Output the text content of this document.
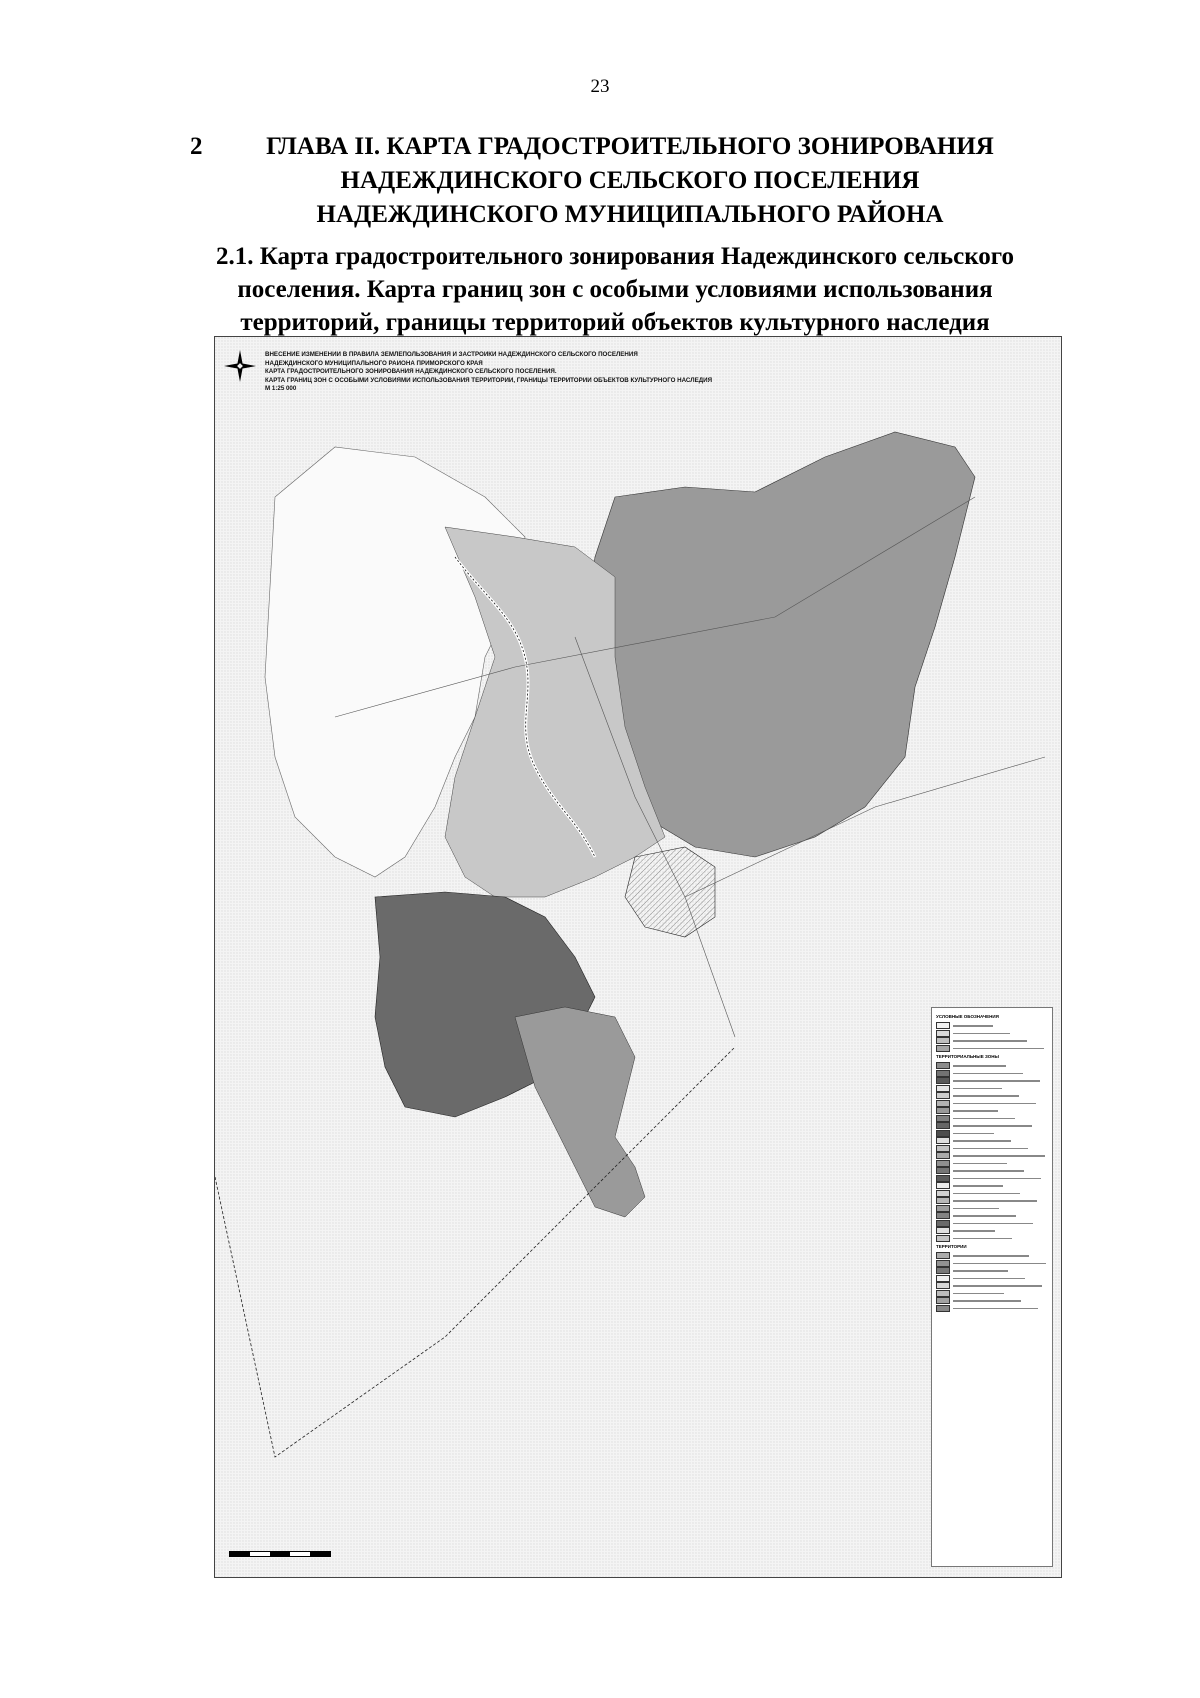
23
2	ГЛАВА II. КАРТА ГРАДОСТРОИТЕЛЬНОГО ЗОНИРОВАНИЯ
НАДЕЖДИНСКОГО СЕЛЬСКОГО ПОСЕЛЕНИЯ
НАДЕЖДИНСКОГО МУНИЦИПАЛЬНОГО РАЙОНА
2.1. Карта градостроительного зонирования Надеждинского сельского
поселения. Карта границ зон с особыми условиями использования
территорий, границы территорий объектов культурного наследия
ВНЕСЕНИЕ ИЗМЕНЕНИЙ В ПРАВИЛА ЗЕМЛЕПОЛЬЗОВАНИЯ И ЗАСТРОЙКИ НАДЕЖДИНСКОГО СЕЛЬСКОГО ПОСЕЛЕНИЯ
НАДЕЖДИНСКОГО МУНИЦИПАЛЬНОГО РАЙОНА ПРИМОРСКОГО КРАЯ
КАРТА ГРАДОСТРОИТЕЛЬНОГО ЗОНИРОВАНИЯ НАДЕЖДИНСКОГО СЕЛЬСКОГО ПОСЕЛЕНИЯ.
КАРТА ГРАНИЦ ЗОН С ОСОБЫМИ УСЛОВИЯМИ ИСПОЛЬЗОВАНИЯ ТЕРРИТОРИЙ, ГРАНИЦЫ ТЕРРИТОРИЙ ОБЪЕКТОВ КУЛЬТУРНОГО НАСЛЕДИЯ
М 1:25 000
УСЛОВНЫЕ ОБОЗНАЧЕНИЯ
ТЕРРИТОРИАЛЬНЫЕ ЗОНЫ
ТЕРРИТОРИИ
